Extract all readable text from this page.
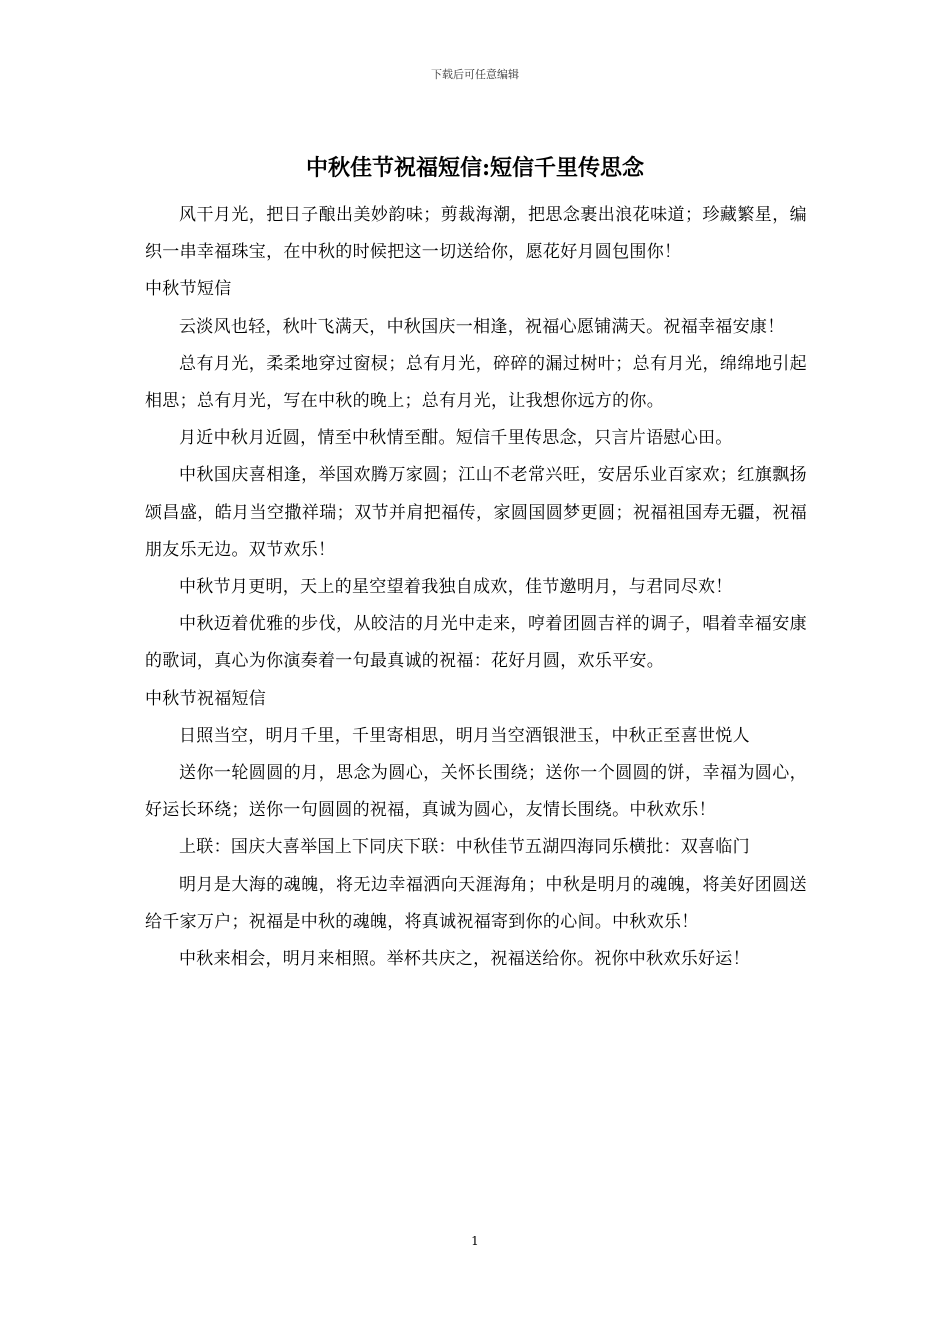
下载后可任意编辑
中秋佳节祝福短信:短信千里传思念

风干月光，把日子酿出美妙韵味；剪裁海潮，把思念裹出浪花味道；珍藏繁星，编织一串幸福珠宝，在中秋的时候把这一切送给你，愿花好月圆包围你！

中秋节短信

云淡风也轻，秋叶飞满天，中秋国庆一相逢，祝福心愿铺满天。祝福幸福安康！

总有月光，柔柔地穿过窗棂；总有月光，碎碎的漏过树叶；总有月光，绵绵地引起相思；总有月光，写在中秋的晚上；总有月光，让我想你远方的你。

月近中秋月近圆，情至中秋情至酣。短信千里传思念，只言片语慰心田。

中秋国庆喜相逢，举国欢腾万家圆；江山不老常兴旺，安居乐业百家欢；红旗飘扬颂昌盛，皓月当空撒祥瑞；双节并肩把福传，家圆国圆梦更圆；祝福祖国寿无疆，祝福朋友乐无边。双节欢乐！

中秋节月更明，天上的星空望着我独自成欢，佳节邀明月，与君同尽欢！

中秋迈着优雅的步伐，从皎洁的月光中走来，哼着团圆吉祥的调子，唱着幸福安康的歌词，真心为你演奏着一句最真诚的祝福：花好月圆，欢乐平安。

中秋节祝福短信

日照当空，明月千里，千里寄相思，明月当空酒银泄玉，中秋正至喜世悦人

送你一轮圆圆的月，思念为圆心，关怀长围绕；送你一个圆圆的饼，幸福为圆心，好运长环绕；送你一句圆圆的祝福，真诚为圆心，友情长围绕。中秋欢乐！

上联：国庆大喜举国上下同庆下联：中秋佳节五湖四海同乐横批：双喜临门

明月是大海的魂魄，将无边幸福洒向天涯海角；中秋是明月的魂魄，将美好团圆送给千家万户；祝福是中秋的魂魄，将真诚祝福寄到你的心间。中秋欢乐！

中秋来相会，明月来相照。举杯共庆之，祝福送给你。祝你中秋欢乐好运！

1
